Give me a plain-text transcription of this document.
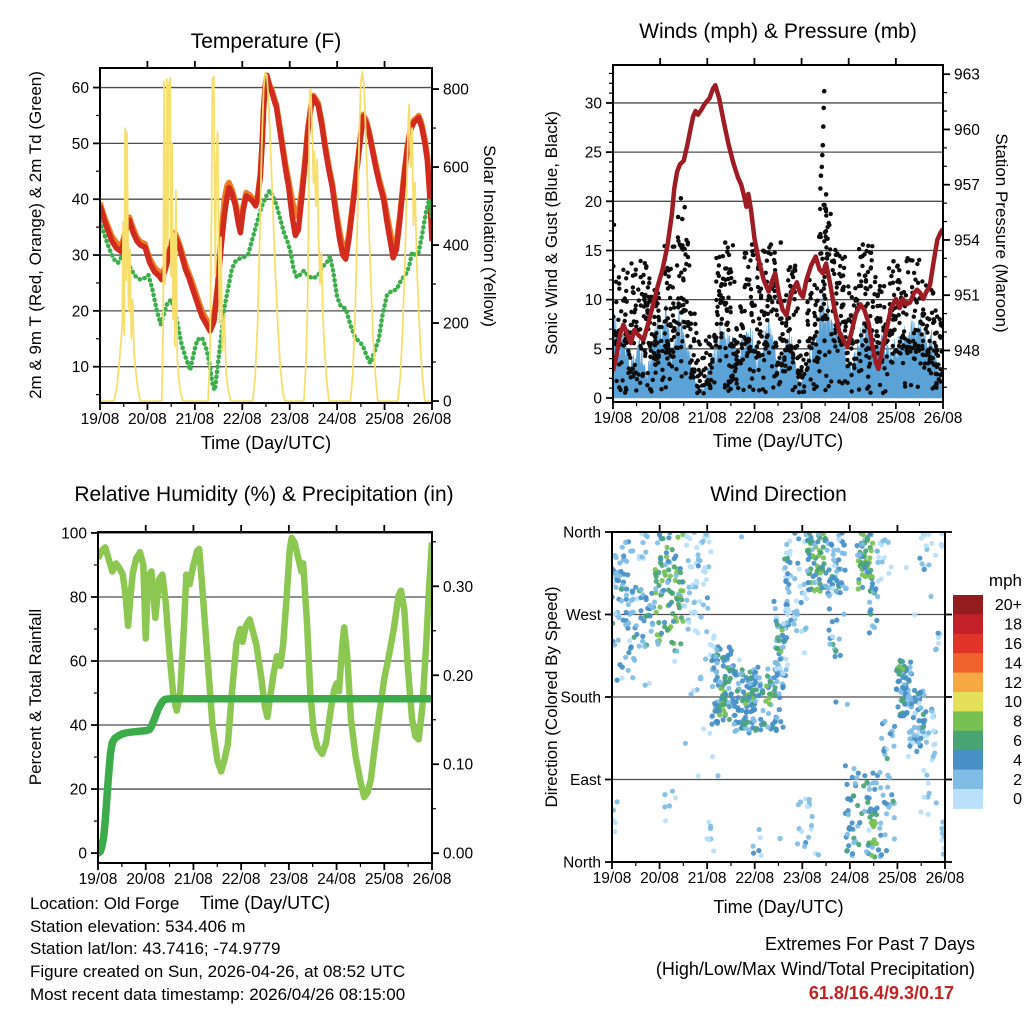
19/08 20/08 21/08 22/08 23/08 24/08 25/08 26/08
10
20
30
40
50
60
0
200
400
600
800
19/08 20/08 21/08 22/08 23/08 24/08 25/08 26/08
0
5
10
15
20
25
30
948
951
954
957
960
963
19/08 20/08 21/08 22/08 23/08 24/08 25/08 26/08
0
20
40
60
80
100
0.00
0.10
0.20
0.30
19/08 20/08 21/08 22/08 23/08 24/08 25/08 26/08
North
West
South
East
North
mph
20+
18
16
14
12
10
8
6
4
2
0
Temperature (F)	Winds (mph) & Pressure (mb)
Relative Humidity (%) & Precipitation (in)	Wind Direction
2m & 9m T (Red, Orange) & 2m Td (Green)	Solar Insolation (Yellow)	Sonic Wind & Gust (Blue, Black)	Station Pressure (Maroon)
Percent & Total Rainfall	Direction (Colored By Speed)
Time (Day/UTC)	Time (Day/UTC)
Time (Day/UTC)	Time (Day/UTC)
Location: Old Forge
Station elevation: 534.406 m
Station lat/lon: 43.7416; -74.9779
Figure created on Sun, 2026-04-26, at 08:52 UTC
Most recent data timestamp: 2026/04/26 08:15:00
Extremes For Past 7 Days
(High/Low/Max Wind/Total Precipitation)
61.8/16.4/9.3/0.17
